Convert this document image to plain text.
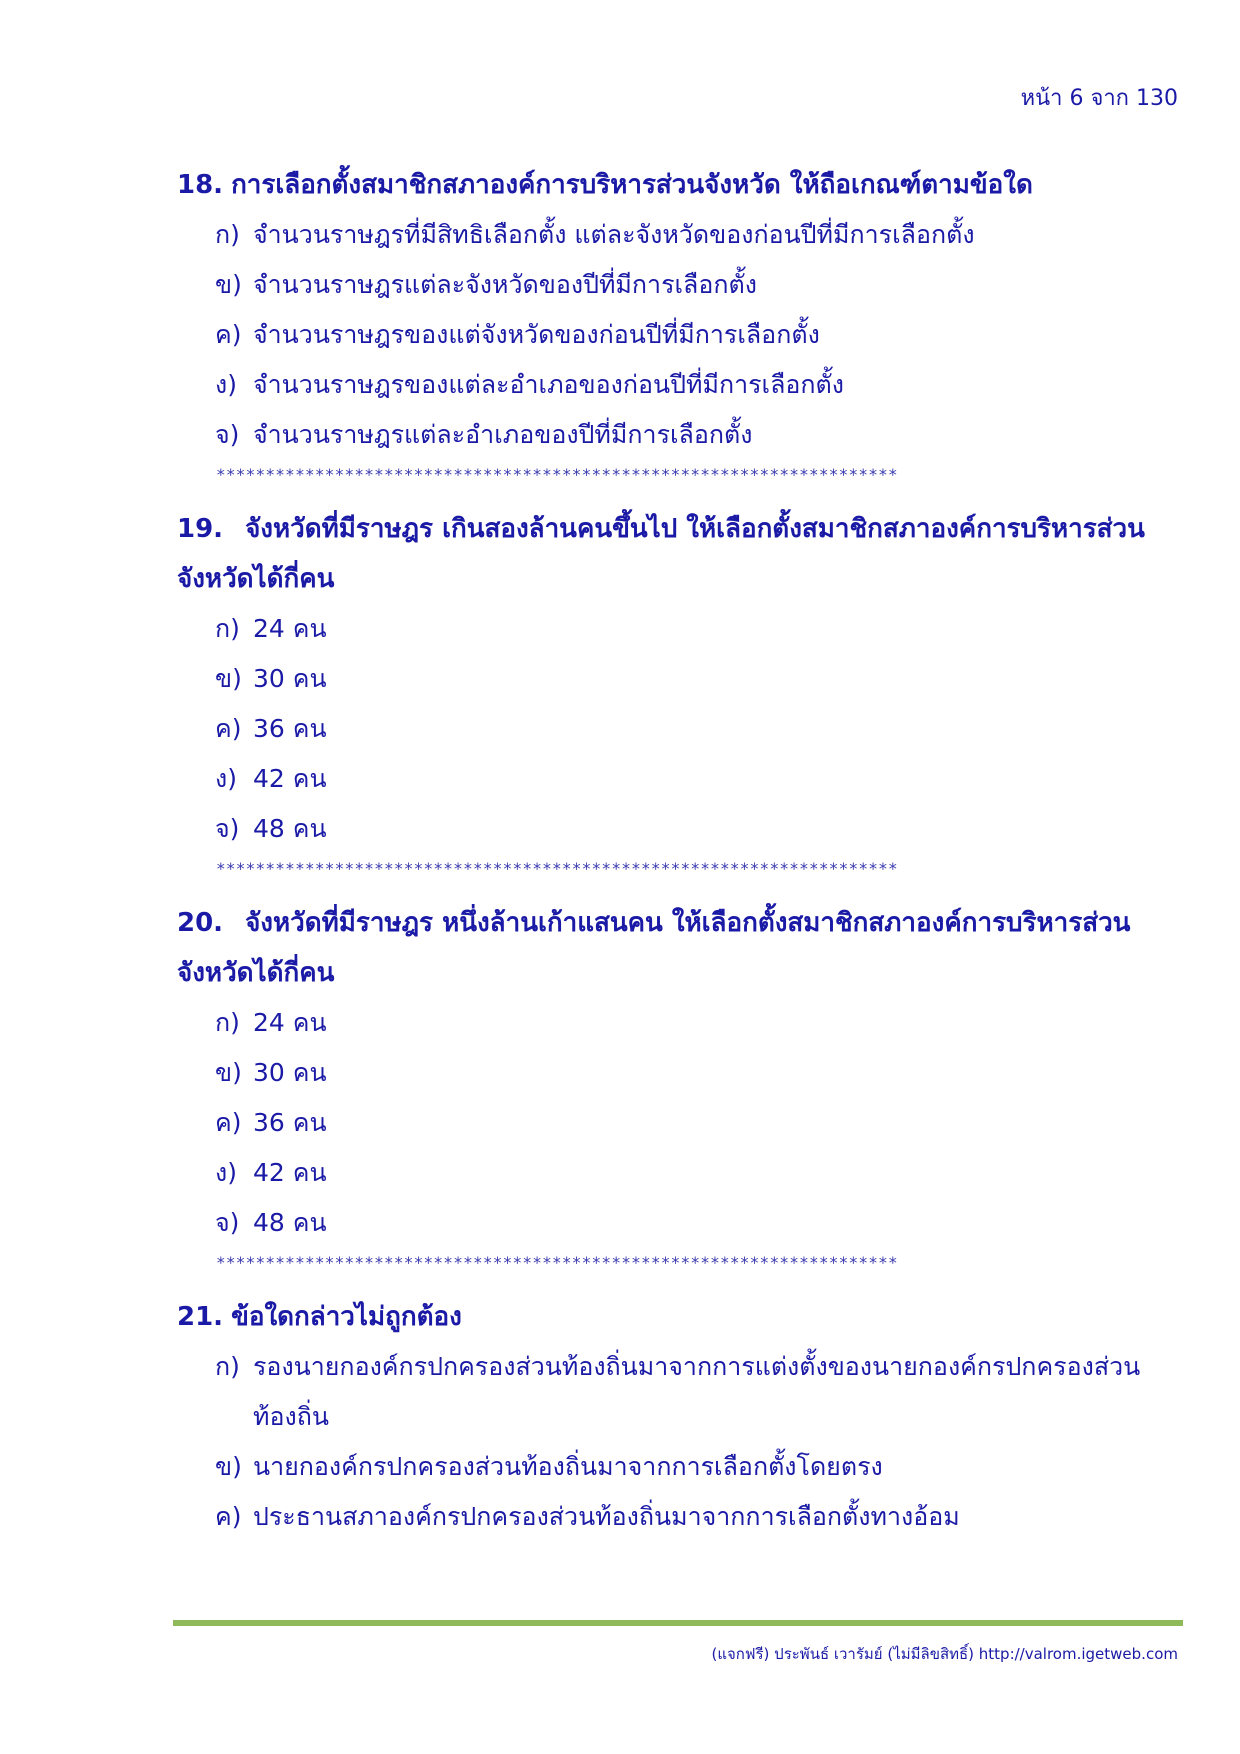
หน้า 6 จาก 130
18. การเลือกตั้งสมาชิกสภาองค์การบริหารส่วนจังหวัด ให้ถือเกณฑ์ตามข้อใด
ก) จำนวนราษฎรที่มีสิทธิเลือกตั้ง แต่ละจังหวัดของก่อนปีที่มีการเลือกตั้ง
ข) จำนวนราษฎรแต่ละจังหวัดของปีที่มีการเลือกตั้ง
ค) จำนวนราษฎรของแต่จังหวัดของก่อนปีที่มีการเลือกตั้ง
ง) จำนวนราษฎรของแต่ละอำเภอของก่อนปีที่มีการเลือกตั้ง
จ) จำนวนราษฎรแต่ละอำเภอของปีที่มีการเลือกตั้ง
*********************************************************************
19. จังหวัดที่มีราษฎร เกินสองล้านคนขึ้นไป ให้เลือกตั้งสมาชิกสภาองค์การบริหารส่วนจังหวัดได้กี่คน
ก) 24 คน
ข) 30 คน
ค) 36 คน
ง) 42 คน
จ) 48 คน
*********************************************************************
20. จังหวัดที่มีราษฎร หนึ่งล้านเก้าแสนคน ให้เลือกตั้งสมาชิกสภาองค์การบริหารส่วนจังหวัดได้กี่คน
ก) 24 คน
ข) 30 คน
ค) 36 คน
ง) 42 คน
จ) 48 คน
*********************************************************************
21. ข้อใดกล่าวไม่ถูกต้อง
ก) รองนายกองค์กรปกครองส่วนท้องถิ่นมาจากการแต่งตั้งของนายกองค์กรปกครองส่วนท้องถิ่น
ข) นายกองค์กรปกครองส่วนท้องถิ่นมาจากการเลือกตั้งโดยตรง
ค) ประธานสภาองค์กรปกครองส่วนท้องถิ่นมาจากการเลือกตั้งทางอ้อม
(แจกฟรี) ประพันธ์ เวารัมย์ (ไม่มีลิขสิทธิ์) http://valrom.igetweb.com
